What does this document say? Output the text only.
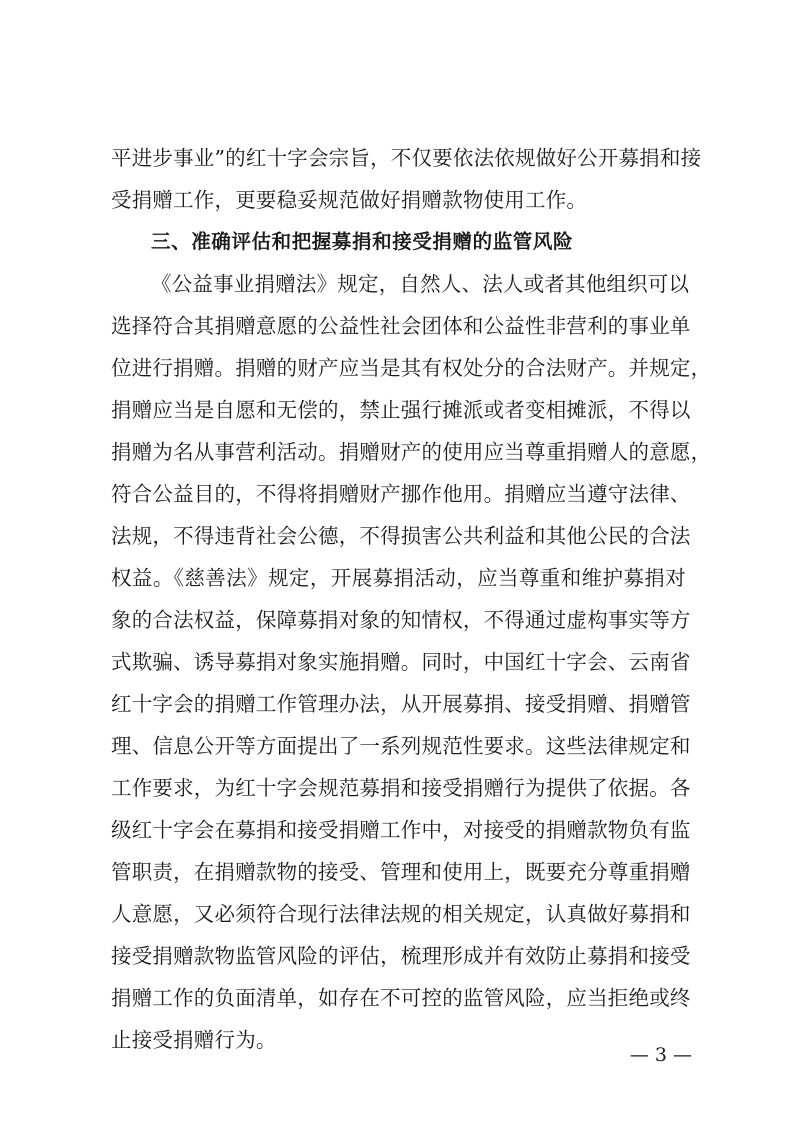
平进步事业”的红十字会宗旨，不仅要依法依规做好公开募捐和接
受捐赠工作，更要稳妥规范做好捐赠款物使用工作。
三、准确评估和把握募捐和接受捐赠的监管风险
《公益事业捐赠法》规定，自然人、法人或者其他组织可以
选择符合其捐赠意愿的公益性社会团体和公益性非营利的事业单
位进行捐赠。捐赠的财产应当是其有权处分的合法财产。并规定，
捐赠应当是自愿和无偿的，禁止强行摊派或者变相摊派，不得以
捐赠为名从事营利活动。捐赠财产的使用应当尊重捐赠人的意愿，
符合公益目的，不得将捐赠财产挪作他用。捐赠应当遵守法律、
法规，不得违背社会公德，不得损害公共利益和其他公民的合法
权益。《慈善法》规定，开展募捐活动，应当尊重和维护募捐对
象的合法权益，保障募捐对象的知情权，不得通过虚构事实等方
式欺骗、诱导募捐对象实施捐赠。同时，中国红十字会、云南省
红十字会的捐赠工作管理办法，从开展募捐、接受捐赠、捐赠管
理、信息公开等方面提出了一系列规范性要求。这些法律规定和
工作要求，为红十字会规范募捐和接受捐赠行为提供了依据。各
级红十字会在募捐和接受捐赠工作中，对接受的捐赠款物负有监
管职责，在捐赠款物的接受、管理和使用上，既要充分尊重捐赠
人意愿，又必须符合现行法律法规的相关规定，认真做好募捐和
接受捐赠款物监管风险的评估，梳理形成并有效防止募捐和接受
捐赠工作的负面清单，如存在不可控的监管风险，应当拒绝或终
止接受捐赠行为。
— 3 —
